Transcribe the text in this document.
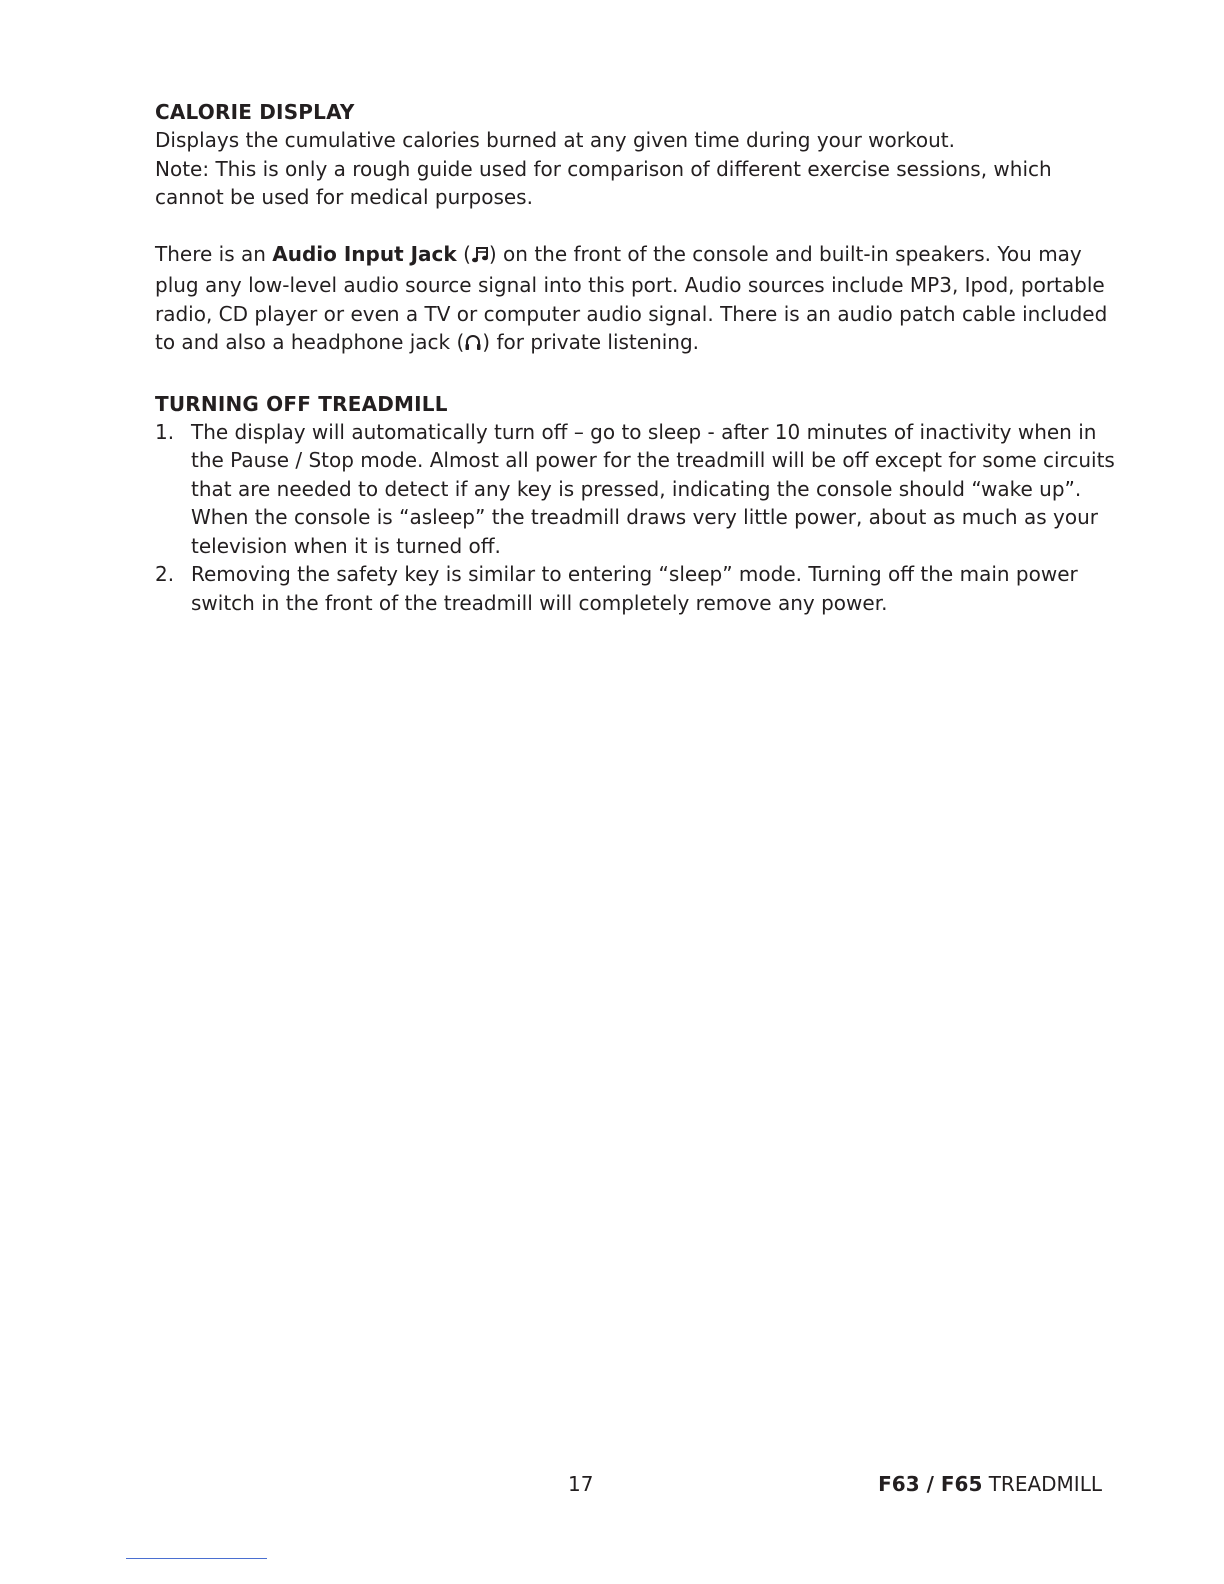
CALORIE DISPLAY

Displays the cumulative calories burned at any given time during your workout.

Note: This is only a rough guide used for comparison of different exercise sessions, which cannot be used for medical purposes.

There is an Audio Input Jack ( ) on the front of the console and built-in speakers. You may plug any low-level audio source signal into this port. Audio sources include MP3, Ipod, portable radio, CD player or even a TV or computer audio signal. There is an audio patch cable included to and also a headphone jack ( ) for private listening.

TURNING OFF TREADMILL
1. The display will automatically turn off – go to sleep - after 10 minutes of inactivity when in the Pause / Stop mode. Almost all power for the treadmill will be off except for some circuits that are needed to detect if any key is pressed, indicating the console should “wake up”. When the console is “asleep” the treadmill draws very little power, about as much as your television when it is turned off.
2. Removing the safety key is similar to entering “sleep” mode. Turning off the main power switch in the front of the treadmill will completely remove any power.
17	F63 / F65 TREADMILL
